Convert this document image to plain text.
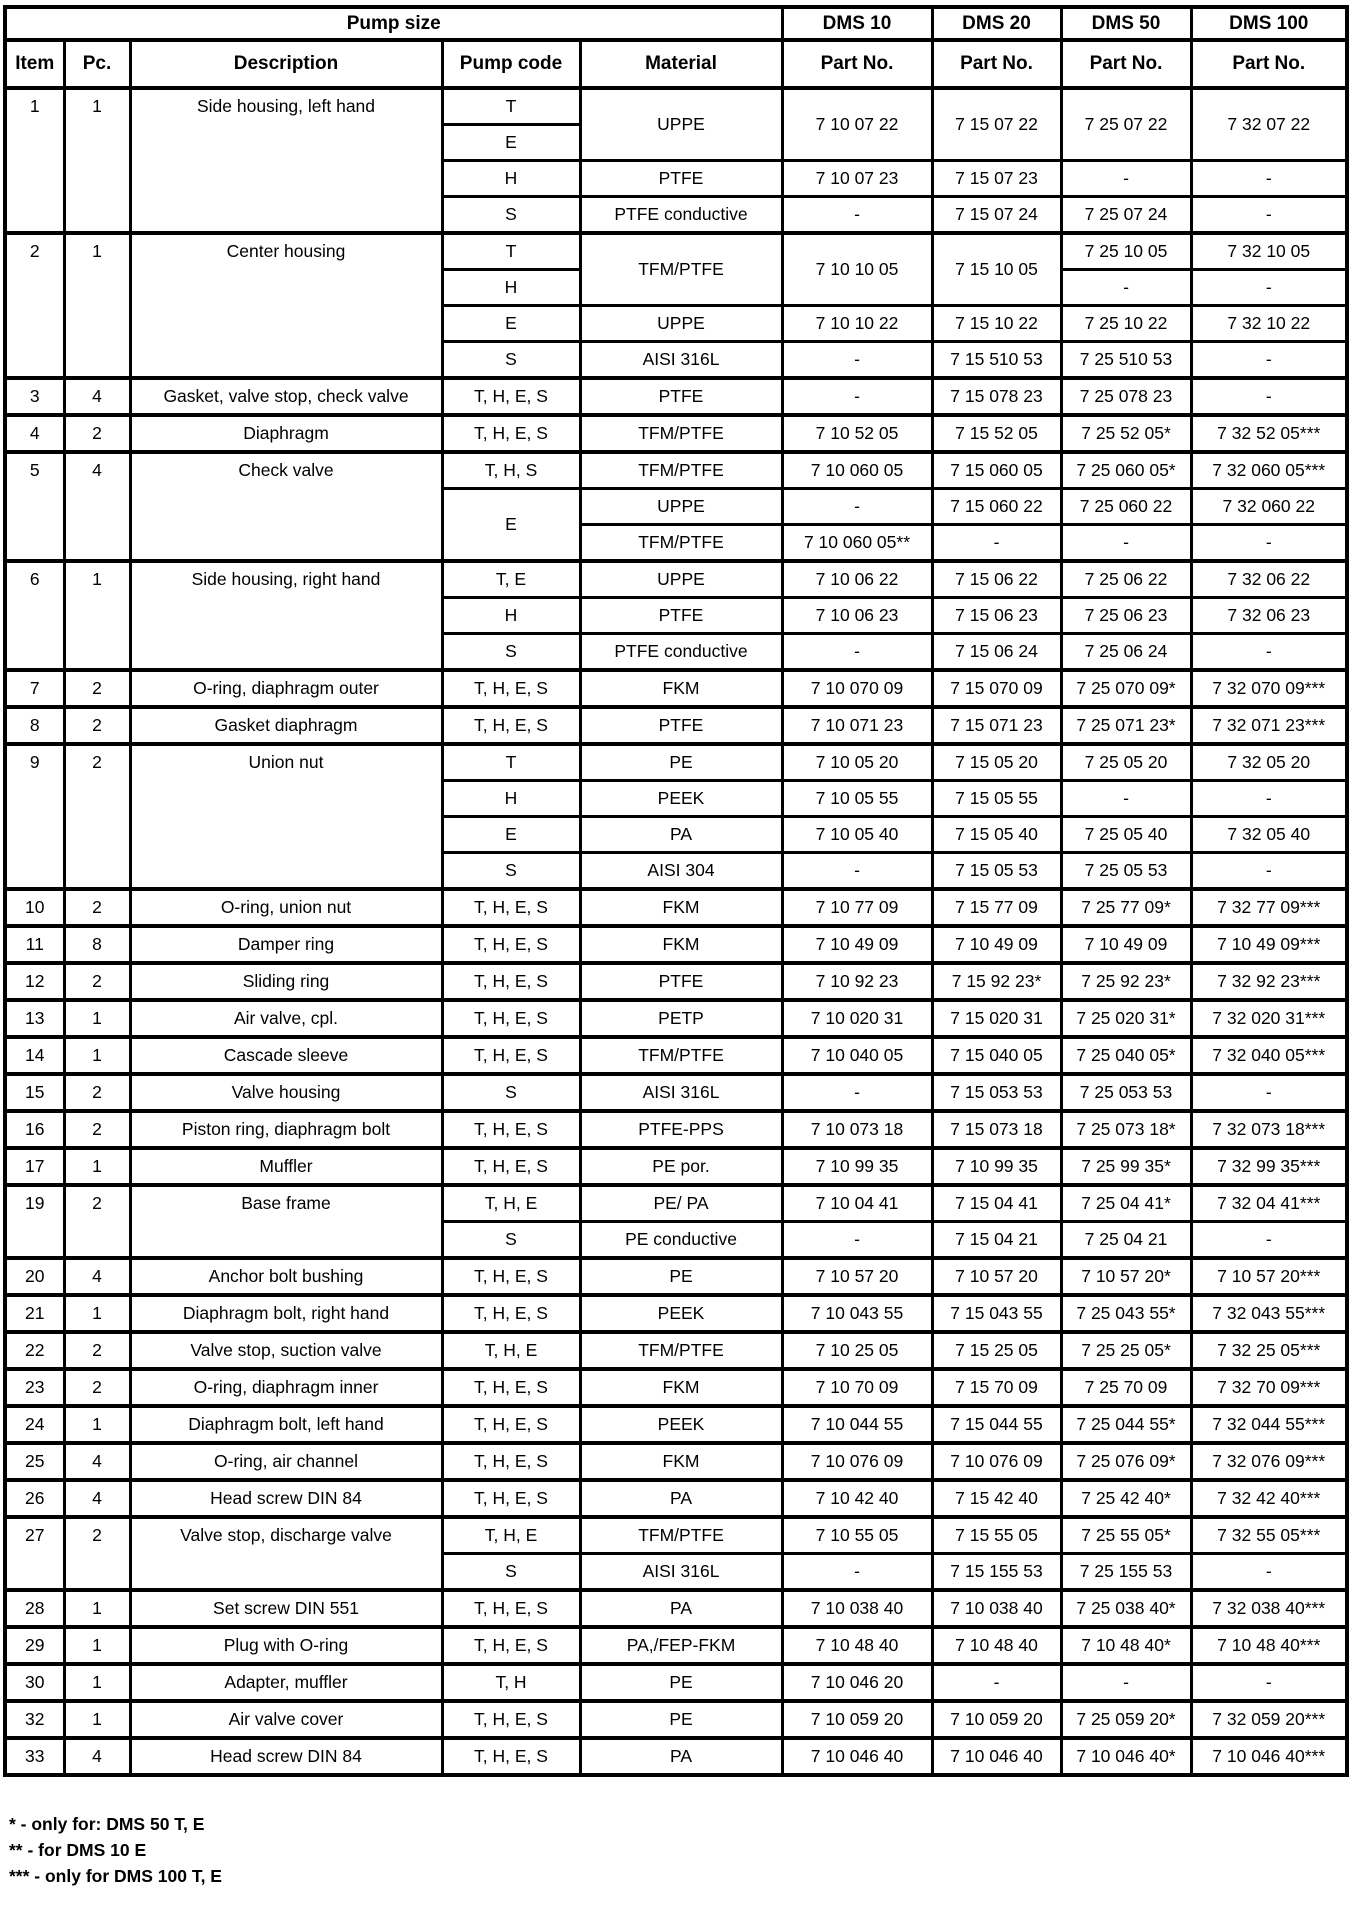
Pump size					DMS 10	DMS 20	DMS 50	DMS 100
Item	Pc.	Description	Pump code	Material	Part No.	Part No.	Part No.	Part No.

1	1	Side housing, left hand	T	UPPE	7 10 07 22	7 15 07 22	7 25 07 22	7 32 07 22
			E					
			H	PTFE	7 10 07 23	7 15 07 23	-	-
			S	PTFE conductive	-	7 15 07 24	7 25 07 24	-

2	1	Center housing	T	TFM/PTFE	7 10 10 05	7 15 10 05	7 25 10 05	7 32 10 05
			H				-	-
			E	UPPE	7 10 10 22	7 15 10 22	7 25 10 22	7 32 10 22
			S	AISI 316L	-	7 15 510 53	7 25 510 53	-
3	4	Gasket, valve stop, check valve	T, H, E, S	PTFE	-	7 15 078 23	7 25 078 23	-
4	2	Diaphragm	T, H, E, S	TFM/PTFE	7 10 52 05	7 15 52 05	7 25 52 05*	7 32 52 05***

5	4	Check valve	T, H, S	TFM/PTFE	7 10 060 05	7 15 060 05	7 25 060 05*	7 32 060 05***
			E	UPPE	-	7 15 060 22	7 25 060 22	7 32 060 22
				TFM/PTFE	7 10 060 05**	-	-	-

6	1	Side housing, right hand	T, E	UPPE	7 10 06 22	7 15 06 22	7 25 06 22	7 32 06 22
			H	PTFE	7 10 06 23	7 15 06 23	7 25 06 23	7 32 06 23
			S	PTFE conductive	-	7 15 06 24	7 25 06 24	-
7	2	O-ring, diaphragm outer	T, H, E, S	FKM	7 10 070 09	7 15 070 09	7 25 070 09*	7 32 070 09***
8	2	Gasket diaphragm	T, H, E, S	PTFE	7 10 071 23	7 15 071 23	7 25 071 23*	7 32 071 23***

9	2	Union nut	T	PE	7 10 05 20	7 15 05 20	7 25 05 20	7 32 05 20
			H	PEEK	7 10 05 55	7 15 05 55	-	-
			E	PA	7 10 05 40	7 15 05 40	7 25 05 40	7 32 05 40
			S	AISI 304	-	7 15 05 53	7 25 05 53	-
10	2	O-ring, union nut	T, H, E, S	FKM	7 10 77 09	7 15 77 09	7 25 77 09*	7 32 77 09***
11	8	Damper ring	T, H, E, S	FKM	7 10 49 09	7 10 49 09	7 10 49 09	7 10 49 09***
12	2	Sliding ring	T, H, E, S	PTFE	7 10 92 23	7 15 92 23*	7 25 92 23*	7 32 92 23***
13	1	Air valve, cpl.	T, H, E, S	PETP	7 10 020 31	7 15 020 31	7 25 020 31*	7 32 020 31***
14	1	Cascade sleeve	T, H, E, S	TFM/PTFE	7 10 040 05	7 15 040 05	7 25 040 05*	7 32 040 05***
15	2	Valve housing	S	AISI 316L	-	7 15 053 53	7 25 053 53	-
16	2	Piston ring, diaphragm bolt	T, H, E, S	PTFE-PPS	7 10 073 18	7 15 073 18	7 25 073 18*	7 32 073 18***
17	1	Muffler	T, H, E, S	PE por.	7 10 99 35	7 10 99 35	7 25 99 35*	7 32 99 35***

19	2	Base frame	T, H, E	PE/ PA	7 10 04 41	7 15 04 41	7 25 04 41*	7 32 04 41***
			S	PE conductive	-	7 15 04 21	7 25 04 21	-
20	4	Anchor bolt bushing	T, H, E, S	PE	7 10 57 20	7 10 57 20	7 10 57 20*	7 10 57 20***
21	1	Diaphragm bolt, right hand	T, H, E, S	PEEK	7 10 043 55	7 15 043 55	7 25 043 55*	7 32 043 55***
22	2	Valve stop, suction valve	T, H, E	TFM/PTFE	7 10 25 05	7 15 25 05	7 25 25 05*	7 32 25 05***
23	2	O-ring, diaphragm inner	T, H, E, S	FKM	7 10 70 09	7 15 70 09	7 25 70 09	7 32 70 09***
24	1	Diaphragm bolt, left hand	T, H, E, S	PEEK	7 10 044 55	7 15 044 55	7 25 044 55*	7 32 044 55***
25	4	O-ring, air channel	T, H, E, S	FKM	7 10 076 09	7 10 076 09	7 25 076 09*	7 32 076 09***
26	4	Head screw DIN 84	T, H, E, S	PA	7 10 42 40	7 15 42 40	7 25 42 40*	7 32 42 40***

27	2	Valve stop, discharge valve	T, H, E	TFM/PTFE	7 10 55 05	7 15 55 05	7 25 55 05*	7 32 55 05***
			S	AISI 316L	-	7 15 155 53	7 25 155 53	-
28	1	Set screw DIN 551	T, H, E, S	PA	7 10 038 40	7 10 038 40	7 25 038 40*	7 32 038 40***
29	1	Plug with O-ring	T, H, E, S	PA,/FEP-FKM	7 10 48 40	7 10 48 40	7 10 48 40*	7 10 48 40***
30	1	Adapter, muffler	T, H	PE	7 10 046 20	-	-	-
32	1	Air valve cover	T, H, E, S	PE	7 10 059 20	7 10 059 20	7 25 059 20*	7 32 059 20***
33	4	Head screw DIN 84	T, H, E, S	PA	7 10 046 40	7 10 046 40	7 10 046 40*	7 10 046 40***
* - only for: DMS 50 T, E
** - for DMS 10 E
*** - only for DMS 100 T, E
